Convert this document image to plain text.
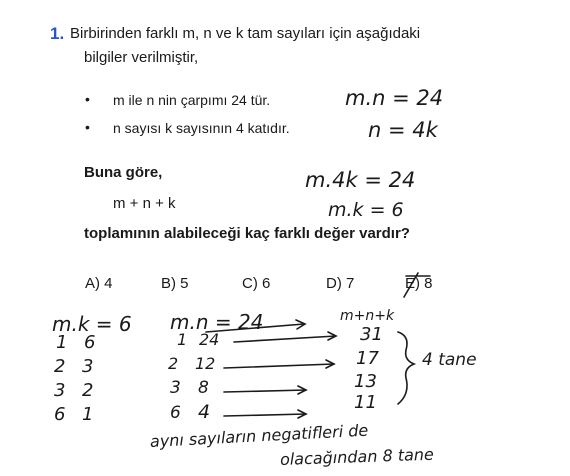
1. Birbirinden farklı m, n ve k tam sayıları için aşağıdaki
bilgiler verilmiştir,
• m ile n nin çarpımı 24 tür.
• n sayısı k sayısının 4 katıdır.
Buna göre,
m + n + k
toplamının alabileceği kaç farklı değer vardır?
A) 4	B) 5	C) 6	D) 7	E) 8
m.n = 24
n = 4k
m.4k = 24
m.k = 6
m.k = 6
1 6
2 3
3 2
6 1
m.n = 24
1 24
2 12
3 8
6 4
m+n+k
31
17
13
11
4 tane
aynı sayıların negatifleri de
olacağından 8 tane
